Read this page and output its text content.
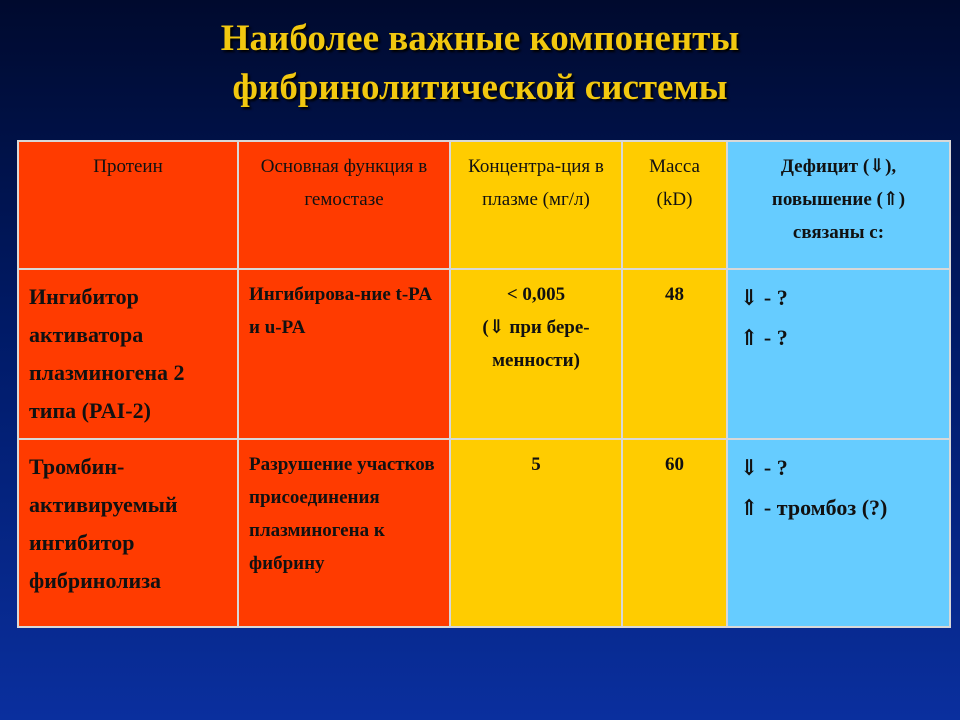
Наиболее важные компоненты
фибринолитической системы
Протеин	Основная функция в гемостазе	Концентра-ция в плазме (мг/л)	Масса (kD)	Дефицит (⇓),
повышение (⇑)
связаны с:

Ингибитор активатора плазминогена 2 типа (PAI-2)	Ингибирова-ние t-PA и u-PA	< 0,005
(⇓ при бере-менности)	48	⇓ - ?
⇑ - ?

Тромбин-активируемый ингибитор фибринолиза	Разрушение участков присоединения плазминогена к фибрину	5	60	⇓ - ?
⇑ - тромбоз (?)
